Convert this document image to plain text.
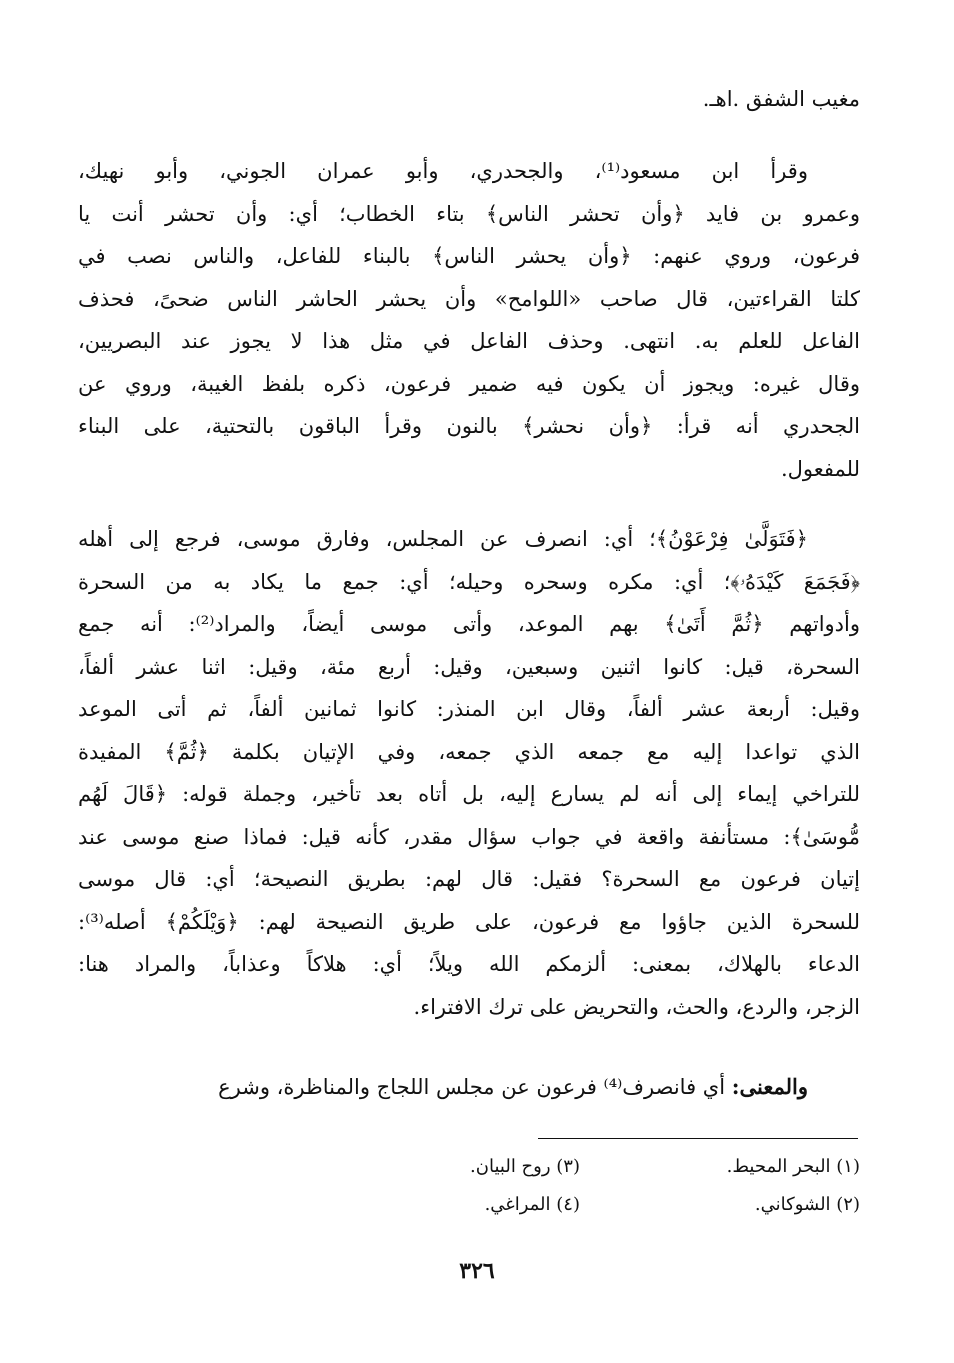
مغيب الشفق .اهـ.
وقرأ ابن مسعود⁽¹⁾، والجحدري، وأبو عمران الجوني، وأبو نهيك،
وعمرو بن فايد ﴿وأن تحشر الناس﴾ بتاء الخطاب؛ أي: وأن تحشر أنت يا
فرعون، وروي عنهم: ﴿وأن يحشر الناس﴾ بالبناء للفاعل، والناس نصب في
كلتا القراءتين، قال صاحب «اللوامح» وأن يحشر الحاشر الناس ضحىً، فحذف
الفاعل للعلم به. انتهى. وحذف الفاعل في مثل هذا لا يجوز عند البصريين،
وقال غيره: ويجوز أن يكون فيه ضمير فرعون، ذكره بلفظ الغيبة، وروي عن
الجحدري أنه قرأ: ﴿وأن نحشر﴾ بالنون وقرأ الباقون بالتحتية، على البناء
للمفعول.
﴿فَتَوَلَّىٰ فِرْعَوْنُ﴾؛ أي: انصرف عن المجلس، وفارق موسى، فرجع إلى أهله
﴿فَجَمَعَ كَيْدَهُۥ﴾؛ أي: مكره وسحره وحيله؛ أي: جمع ما يكاد به من السحرة
وأدواتهم ﴿ثُمَّ أَتَىٰ﴾ بهم الموعد، وأتى موسى أيضاً، والمراد⁽²⁾: أنه جمع
السحرة، قيل: كانوا اثنين وسبعين، وقيل: أربع مئة، وقيل: اثنا عشر ألفاً،
وقيل: أربعة عشر ألفاً، وقال ابن المنذر: كانوا ثمانين ألفاً، ثم أتى الموعد
الذي تواعدا إليه مع جمعه الذي جمعه، وفي الإتيان بكلمة ﴿ثُمَّ﴾ المفيدة
للتراخي إيماء إلى أنه لم يسارع إليه، بل أتاه بعد تأخير، وجملة قوله: ﴿قَالَ لَهُم
مُّوسَىٰ﴾: مستأنفة واقعة في جواب سؤال مقدر، كأنه قيل: فماذا صنع موسى عند
إتيان فرعون مع السحرة؟ فقيل: قال لهم: بطريق النصيحة؛ أي: قال موسى
للسحرة الذين جاؤوا مع فرعون، على طريق النصيحة لهم: ﴿وَيْلَكُمْ﴾ أصله⁽³⁾:
الدعاء بالهلاك، بمعنى: ألزمكم الله ويلاً؛ أي: هلاكاً وعذاباً، والمراد هنا:
الزجر، والردع، والحث، والتحريض على ترك الافتراء.
والمعنى: أي فانصرف⁽⁴⁾ فرعون عن مجلس اللجاج والمناظرة، وشرع
(١) البحر المحيط.
(٣) روح البيان.
(٢) الشوكاني.
(٤) المراغي.
٣٢٦
